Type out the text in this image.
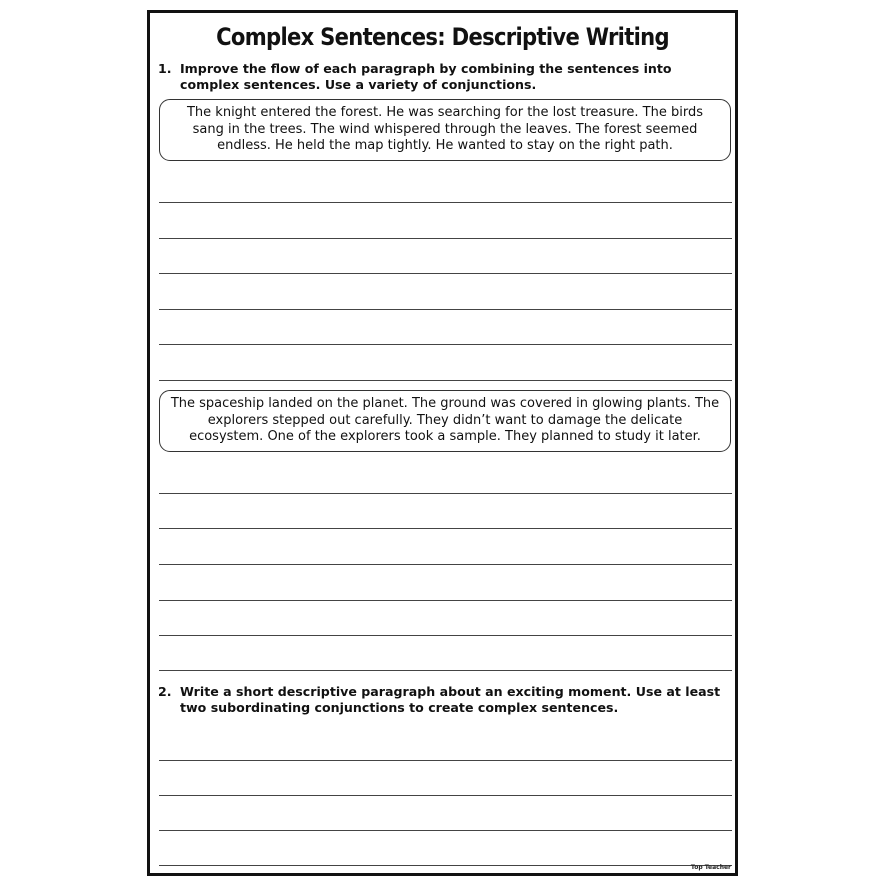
Complex Sentences: Descriptive Writing
1. Improve the flow of each paragraph by combining the sentences into complex sentences. Use a variety of conjunctions.
The knight entered the forest. He was searching for the lost treasure. The birds sang in the trees. The wind whispered through the leaves. The forest seemed endless. He held the map tightly. He wanted to stay on the right path.
The spaceship landed on the planet. The ground was covered in glowing plants. The explorers stepped out carefully. They didn’t want to damage the delicate ecosystem. One of the explorers took a sample. They planned to study it later.
2. Write a short descriptive paragraph about an exciting moment. Use at least two subordinating conjunctions to create complex sentences.
Top Teacher
